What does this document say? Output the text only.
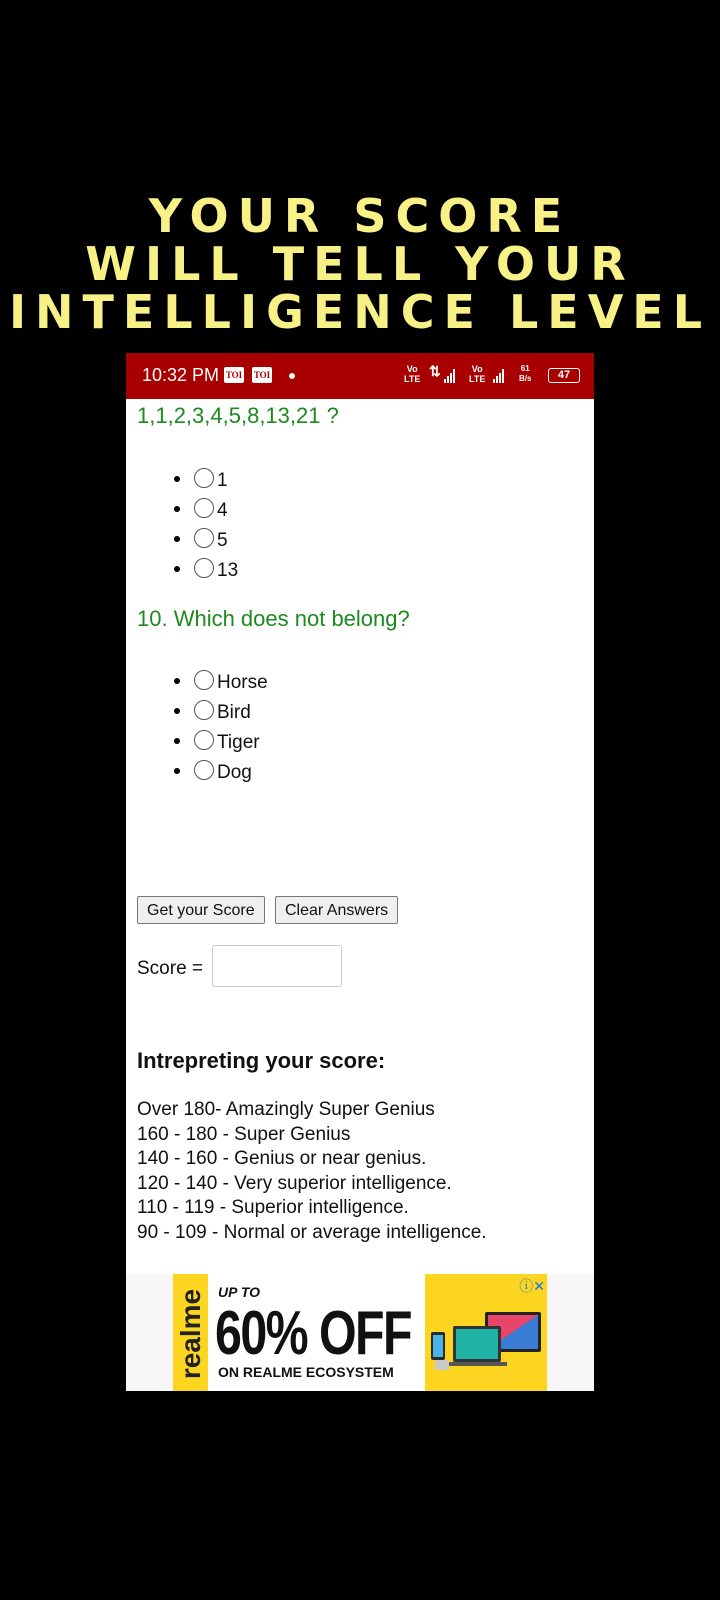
YOUR SCORE
WILL TELL YOUR
INTELLIGENCE LEVEL
10:32 PM TOI TOI
Vo
LTE ⇅	Vo
LTE
61
B/s	47
1,1,2,3,4,5,8,13,21 ?
1
4
5
13
10. Which does not belong?
Horse
Bird
Tiger
Dog
Get your Score	Clear Answers
Score =
Intrepreting your score:
Over 180- Amazingly Super Genius
160 - 180 - Super Genius
140 - 160 - Genius or near genius.
120 - 140 - Very superior intelligence.
110 - 119 - Superior intelligence.
90 - 109 - Normal or average intelligence.
realme UP TO
60% OFF
ON REALME ECOSYSTEM
ⓘ✕
